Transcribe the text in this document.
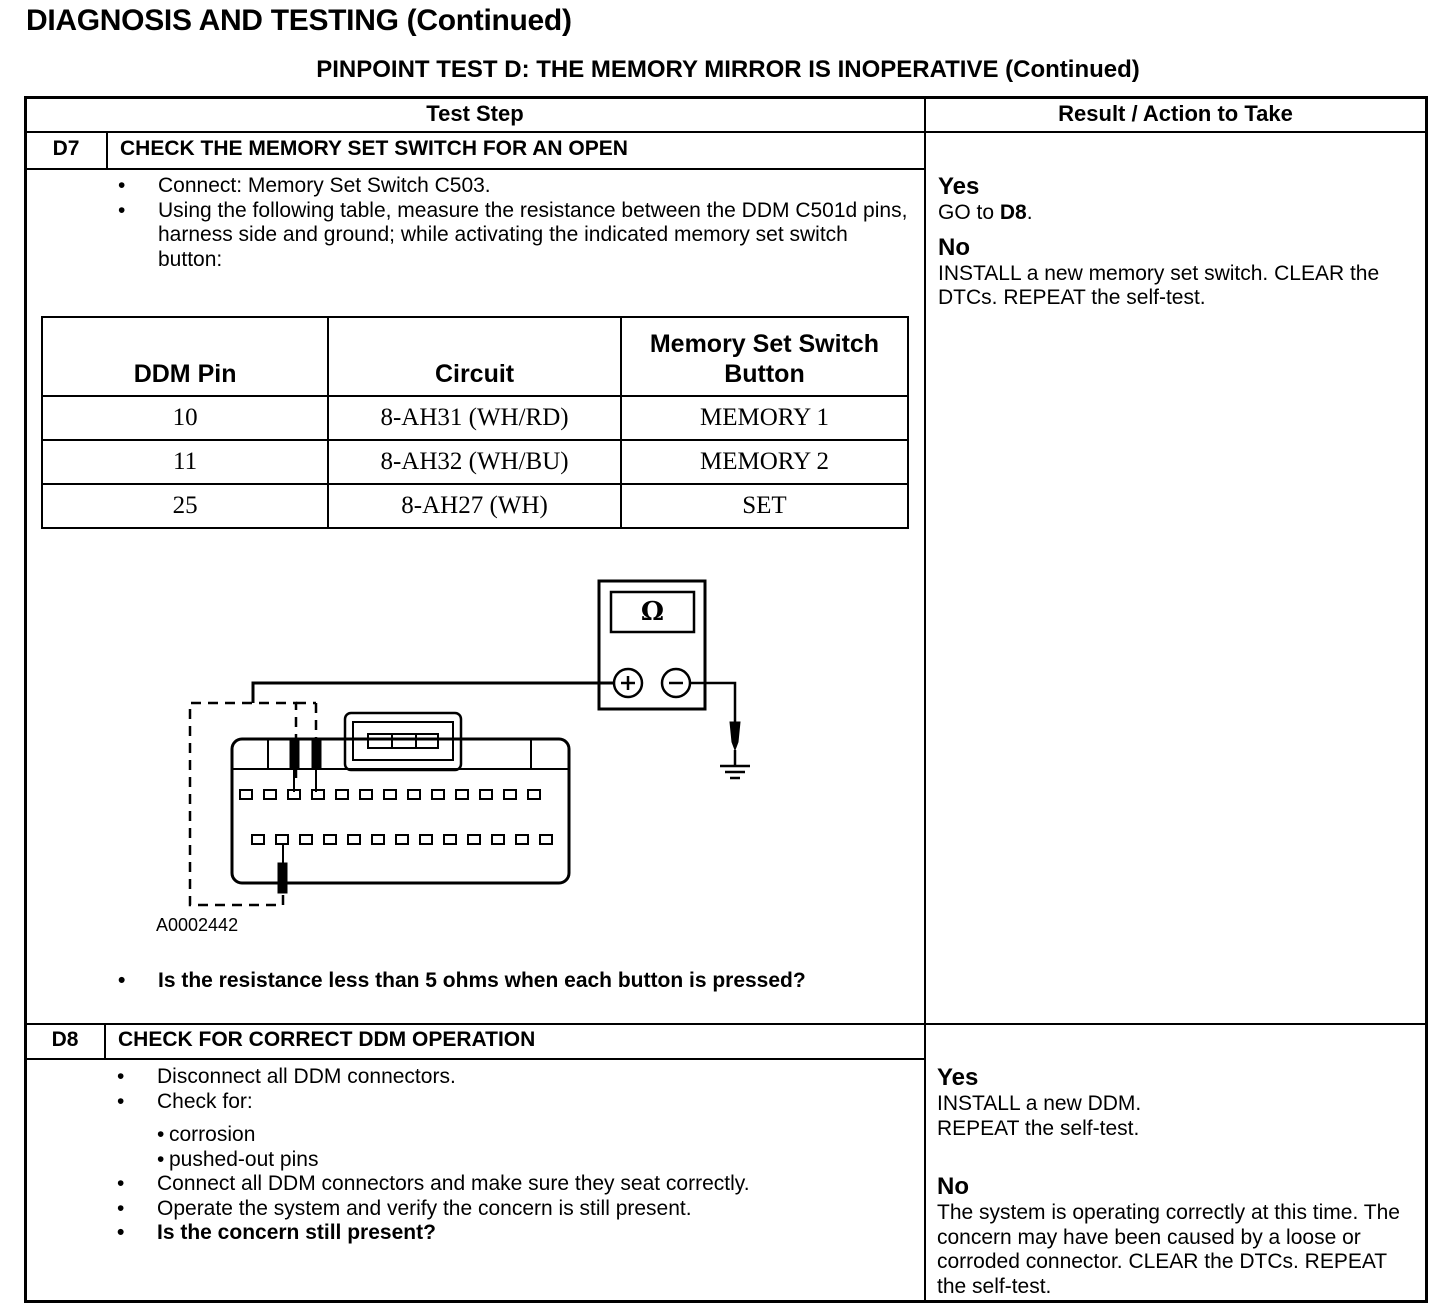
DIAGNOSIS AND TESTING (Continued)
PINPOINT TEST D: THE MEMORY MIRROR IS INOPERATIVE (Continued)
Test Step	Result / Action to Take
D7	CHECK THE MEMORY SET SWITCH FOR AN OPEN
• Connect: Memory Set Switch C503.
• Using the following table, measure the resistance between the DDM C501d pins, harness side and ground; while activating the indicated memory set switch button:
DDM Pin	Circuit	Memory Set Switch Button
10	8-AH31 (WH/RD)	MEMORY 1
11	8-AH32 (WH/BU)	MEMORY 2
25	8-AH27 (WH)	SET
Ω
A0002442
• Is the resistance less than 5 ohms when each button is pressed?
Yes
GO to D8.
No
INSTALL a new memory set switch. CLEAR the DTCs. REPEAT the self-test.
D8	CHECK FOR CORRECT DDM OPERATION
• Disconnect all DDM connectors.
• Check for:
• corrosion
• pushed-out pins
• Connect all DDM connectors and make sure they seat correctly.
• Operate the system and verify the concern is still present.
• Is the concern still present?
Yes
INSTALL a new DDM.
REPEAT the self-test.
No
The system is operating correctly at this time. The concern may have been caused by a loose or corroded connector. CLEAR the DTCs. REPEAT the self-test.
